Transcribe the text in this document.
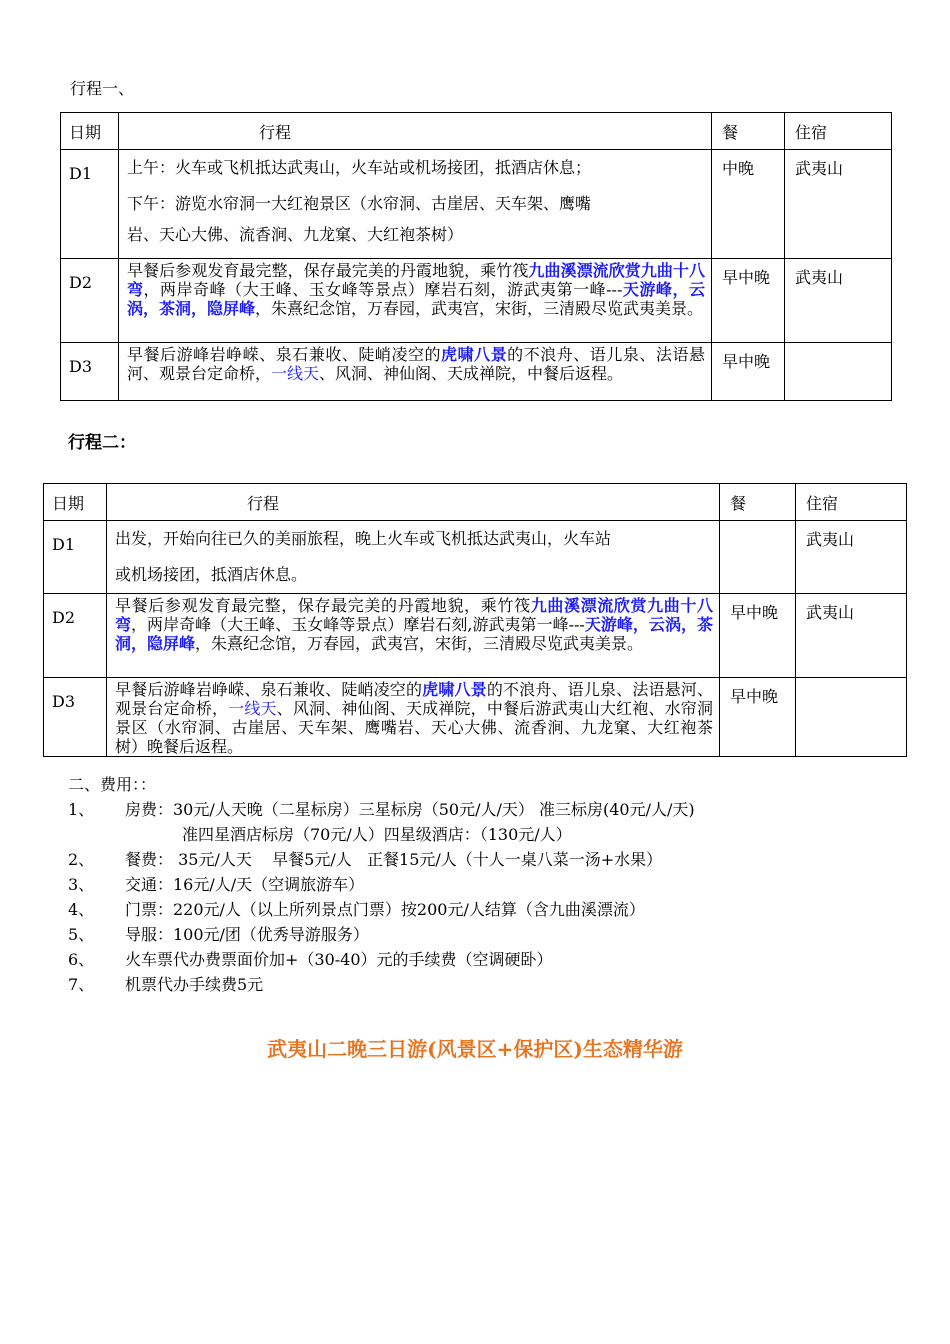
行程一、
日期	行程	餐	住宿
D1	上午：火车或飞机抵达武夷山，火车站或机场接团，抵酒店休息；
下午：游览水帘洞一大红袍景区（水帘洞、古崖居、天车架、鹰嘴
岩、天心大佛、流香涧、九龙窠、大红袍茶树）	中晚	武夷山
D2	早餐后参观发育最完整，保存最完美的丹霞地貌，乘竹筏九曲溪漂流欣赏九曲十八弯，两岸奇峰（大王峰、玉女峰等景点）摩岩石刻，游武夷第一峰---天游峰，云涡，茶洞，隐屏峰，朱熹纪念馆，万春园，武夷宫，宋街，三清殿尽览武夷美景。	早中晚	武夷山
D3	早餐后游峰岩峥嵘、泉石兼收、陡峭凌空的虎啸八景的不浪舟、语儿泉、法语悬河、观景台定命桥，一线天、风洞、神仙阁、天成禅院，中餐后返程。	早中晚	
行程二：
日期	行程	餐	住宿
D1	出发，开始向往已久的美丽旅程，晚上火车或飞机抵达武夷山，火车站
或机场接团，抵酒店休息。		武夷山
D2	早餐后参观发育最完整，保存最完美的丹霞地貌，乘竹筏九曲溪漂流欣赏九曲十八弯，两岸奇峰（大王峰、玉女峰等景点）摩岩石刻,游武夷第一峰---天游峰，云涡，茶洞，隐屏峰，朱熹纪念馆，万春园，武夷宫，宋街，三清殿尽览武夷美景。	早中晚	武夷山
D3	早餐后游峰岩峥嵘、泉石兼收、陡峭凌空的虎啸八景的不浪舟、语儿泉、法语悬河、观景台定命桥，一线天、风洞、神仙阁、天成禅院，中餐后游武夷山大红袍、水帘洞景区（水帘洞、古崖居、天车架、鹰嘴岩、天心大佛、流香涧、九龙窠、大红袍茶树）晚餐后返程。	早中晚	
二、费用：：
1、 房费：30元/人天晚（二星标房）三星标房（50元/人/天） 准三标房(40元/人/天)
准四星酒店标房（70元/人）四星级酒店：（130元/人）
2、 餐费： 35元/人天    早餐5元/人   正餐15元/人（十人一桌八菜一汤+水果）
3、 交通：16元/人/天（空调旅游车）
4、 门票：220元/人（以上所列景点门票）按200元/人结算（含九曲溪漂流）
5、 导服：100元/团（优秀导游服务）
6、 火车票代办费票面价加+（30-40）元的手续费（空调硬卧）
7、 机票代办手续费5元
武夷山二晚三日游(风景区+保护区)生态精华游
